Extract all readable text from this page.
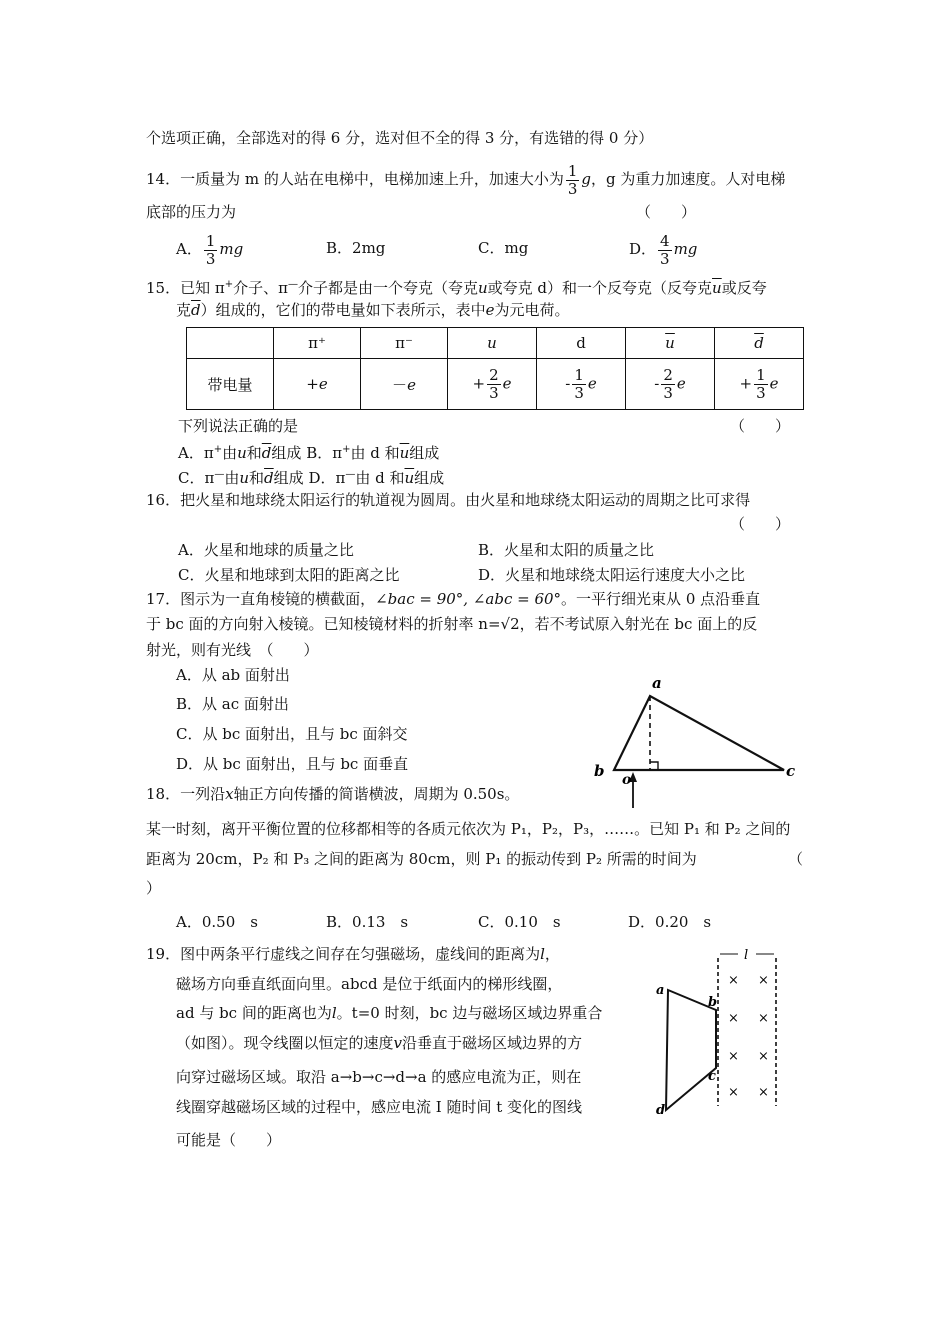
个选项正确，全部选对的得 6 分，选对但不全的得 3 分，有选错的得 0 分）
14．一质量为 m 的人站在电梯中，电梯加速上升，加速大小为 $\frac{1}{3}$ g，g 为重力加速度。人对电梯
底部的压力为	（　　）
A． $\frac{1}{3}$ mg	B．2mg	C．mg	D． $\frac{4}{3}$ mg
15．已知 π+介子、π—介子都是由一个夸克（夸克u或夸克 d）和一个反夸克（反夸克$\overline{u}$或反夸
克$\overline{d}$）组成的，它们的带电量如下表所示，表中e为元电荷。
	π⁺	π⁻	u	d	$\overline{u}$	$\overline{d}$
带电量	+e	－e	+ $\frac{2}{3}$ e	- $\frac{1}{3}$ e	- $\frac{2}{3}$ e	+ $\frac{1}{3}$ e
下列说法正确的是	（　　）
A．π+由u和$\overline{d}$组成 B．π+由 d 和$\overline{u}$组成
C．π—由u和$\overline{d}$组成 D．π—由 d 和$\overline{u}$组成
16．把火星和地球绕太阳运行的轨道视为圆周。由火星和地球绕太阳运动的周期之比可求得
（　　）
A．火星和地球的质量之比	B．火星和太阳的质量之比
C．火星和地球到太阳的距离之比	D．火星和地球绕太阳运行速度大小之比
17．图示为一直角棱镜的横截面，∠bac = 90°, ∠abc = 60°。一平行细光束从 0 点沿垂直
于 bc 面的方向射入棱镜。已知棱镜材料的折射率 n=√2，若不考试原入射光在 bc 面上的反
射光，则有光线　（　　）
A．从 ab 面射出
B．从 ac 面射出
C．从 bc 面射出，且与 bc 面斜交
D．从 bc 面射出，且与 bc 面垂直
a
b o	c
18．一列沿x轴正方向传播的简谐横波，周期为 0.50s。
某一时刻，离开平衡位置的位移都相等的各质元依次为 P₁，P₂，P₃，……。已知 P₁ 和 P₂ 之间的
距离为 20cm，P₂ 和 P₃ 之间的距离为 80cm，则 P₁ 的振动传到 P₂ 所需的时间为	（
）
A．0.50　s	B．0.13　s	C．0.10　s	D．0.20　s
19．图中两条平行虚线之间存在匀强磁场，虚线间的距离为l，
磁场方向垂直纸面向里。abcd 是位于纸面内的梯形线圈，
ad 与 bc 间的距离也为l。t=0 时刻，bc 边与磁场区域边界重合
（如图）。现令线圈以恒定的速度v沿垂直于磁场区域边界的方
向穿过磁场区域。取沿 a→b→c→d→a 的感应电流为正，则在
线圈穿越磁场区域的过程中，感应电流 I 随时间 t 变化的图线
可能是（　　）
l
a
b
c
d
× ×
× ×
× ×
× ×
